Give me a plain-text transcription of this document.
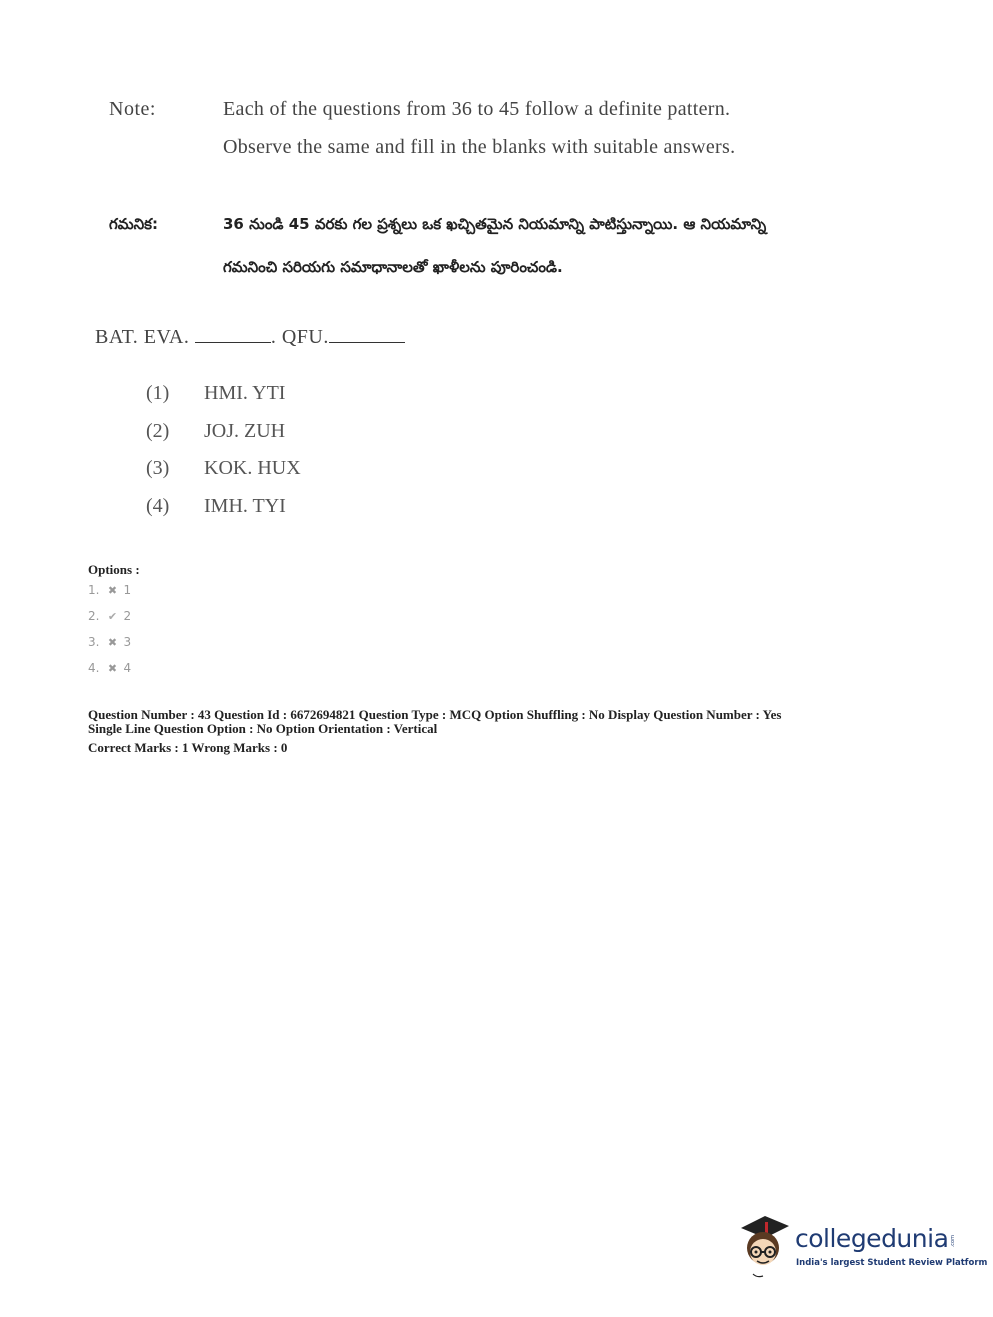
Note:	Each of the questions from 36 to 45 follow a definite pattern.
Observe the same and fill in the blanks with suitable answers.
గమనిక:	36 నుండి 45 వరకు గల ప్రశ్నలు ఒక ఖచ్చితమైన నియమాన్ని పాటిస్తున్నాయి. ఆ నియమాన్ని
గమనించి సరియగు సమాధానాలతో ఖాళీలను పూరించండి.
BAT. EVA.	. QFU.
(1) HMI. YTI
(2) JOJ. ZUH
(3) KOK. HUX
(4) IMH. TYI
Options :
1. ✖ 1
2. ✔ 2
3. ✖ 3
4. ✖ 4
Question Number : 43 Question Id : 6672694821 Question Type : MCQ Option Shuffling : No Display Question Number : Yes
Single Line Question Option : No Option Orientation : Vertical
Correct Marks : 1 Wrong Marks : 0
collegedunia .com
India's largest Student Review Platform
